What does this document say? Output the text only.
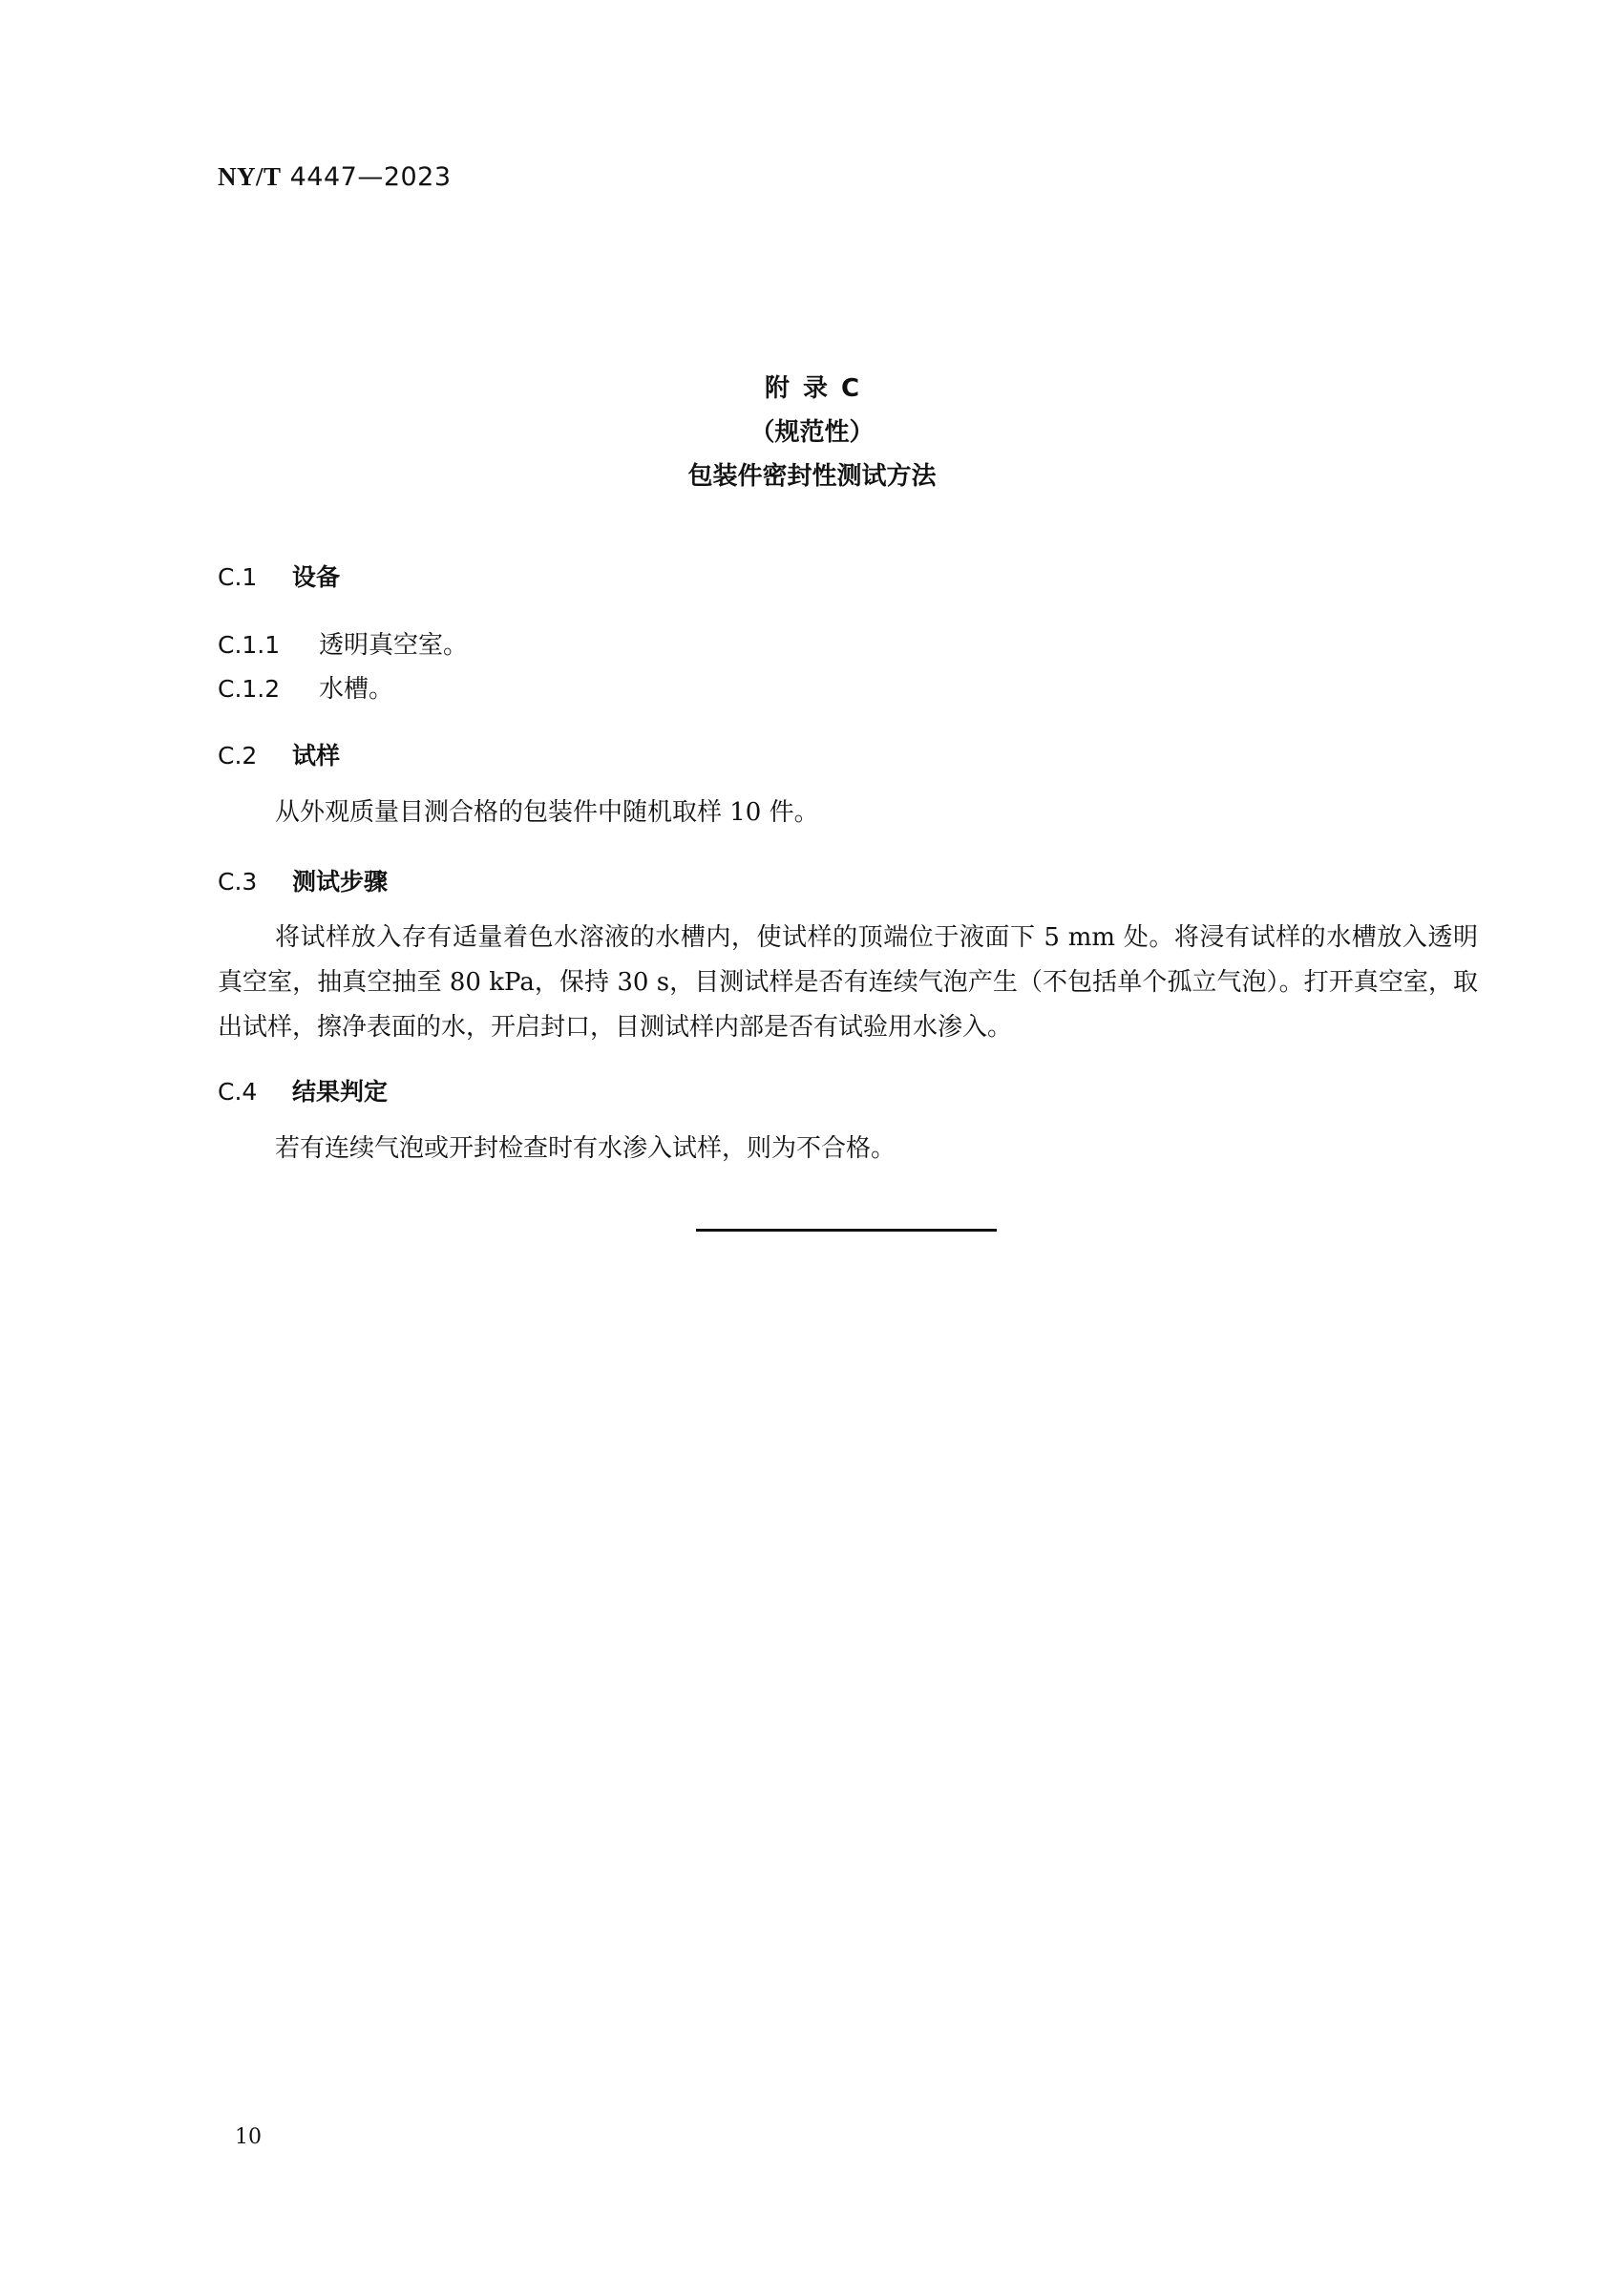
NY/T 4447—2023
附录C
（规范性）
包装件密封性测试方法
C.1 设备
C.1.1 透明真空室。
C.1.2 水槽。
C.2 试样
从外观质量目测合格的包装件中随机取样 10 件。
C.3 测试步骤
将试样放入存有适量着色水溶液的水槽内，使试样的顶端位于液面下 5 mm 处。将浸有试样的水槽放入透明真空室，抽真空抽至 80 kPa，保持 30 s，目测试样是否有连续气泡产生（不包括单个孤立气泡）。打开真空室，取出试样，擦净表面的水，开启封口，目测试样内部是否有试验用水渗入。
C.4 结果判定
若有连续气泡或开封检查时有水渗入试样，则为不合格。
10
